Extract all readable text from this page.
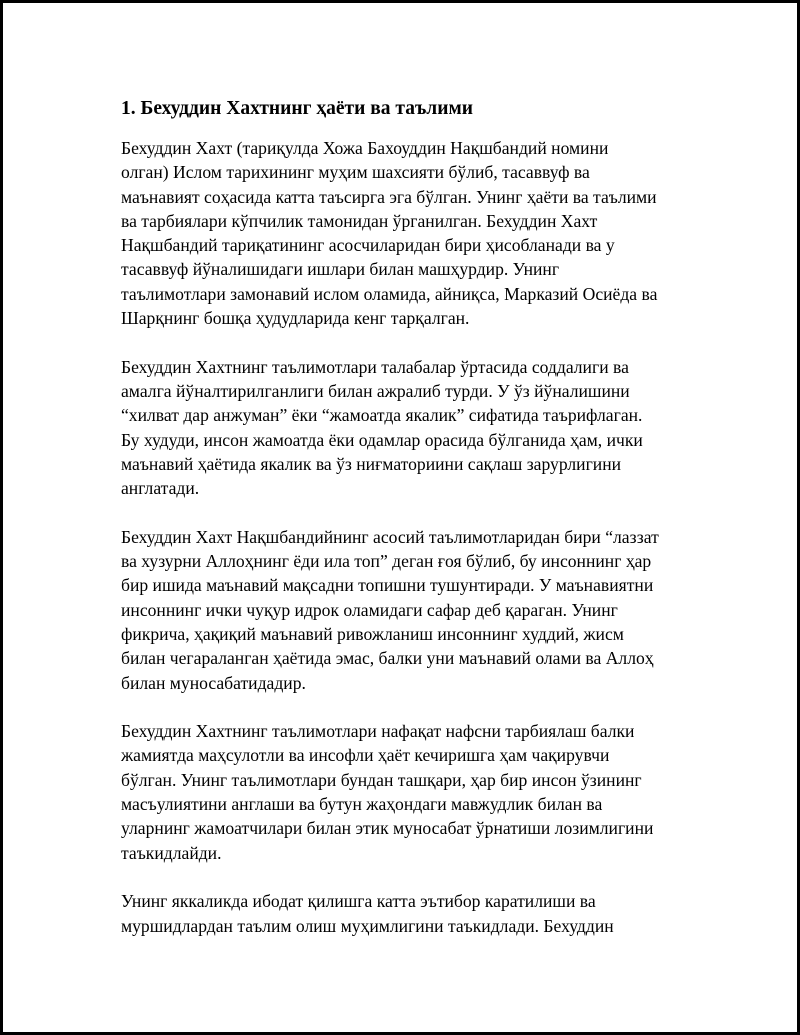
1. Бехуддин Хахтнинг ҳаёти ва таълими

Бехуддин Хахт (тариқулда Хожа Бахоуддин Нақшбандий номини
олган) Ислом тарихининг муҳим шахсияти бўлиб, тасаввуф ва
маънавият соҳасида катта таъсирга эга бўлган. Унинг ҳаёти ва таълими
ва тарбиялари кўпчилик тамонидан ўрганилган. Бехуддин Хахт
Нақшбандий тариқатининг асосчиларидан бири ҳисобланади ва у
тасаввуф йўналишидаги ишлари билан машҳурдир. Унинг
таълимотлари замонавий ислом оламида, айниқса, Марказий Осиёда ва
Шарқнинг бошқа ҳудудларида кенг тарқалган.

Бехуддин Хахтнинг таълимотлари талабалар ўртасида соддалиги ва
амалга йўналтирилганлиги билан ажралиб турди. У ўз йўналишини
“хилват дар анжуман” ёки “жамоатда якалик” сифатида таърифлаган.
Бу худуди, инсон жамоатда ёки одамлар орасида бўлганида ҳам, ички
маънавий ҳаётида якалик ва ўз ниғматориини сақлаш зарурлигини
англатади.

Бехуддин Хахт Нақшбандийнинг асосий таълимотларидан бири “лаззат
ва хузурни Аллоҳнинг ёди ила топ” деган ғоя бўлиб, бу инсоннинг ҳар
бир ишида маънавий мақсадни топишни тушунтиради. У маънавиятни
инсоннинг ички чуқур идрок оламидаги сафар деб қараган. Унинг
фикрича, ҳақиқий маънавий ривожланиш инсоннинг худдий, жисм
билан чегараланган ҳаётида эмас, балки уни маънавий олами ва Аллоҳ
билан муносабатидадир.

Бехуддин Хахтнинг таълимотлари нафақат нафсни тарбиялаш балки
жамиятда маҳсулотли ва инсофли ҳаёт кечиришга ҳам чақирувчи
бўлган. Унинг таълимотлари бундан ташқари, ҳар бир инсон ўзининг
масъулиятини англаши ва бутун жаҳондаги мавжудлик билан ва
уларнинг жамоатчилари билан этик муносабат ўрнатиши лозимлигини
таъкидлайди.

Унинг яккаликда ибодат қилишга катта эътибор каратилиши ва
муршидлардан таълим олиш муҳимлигини таъкидлади. Бехуддин
